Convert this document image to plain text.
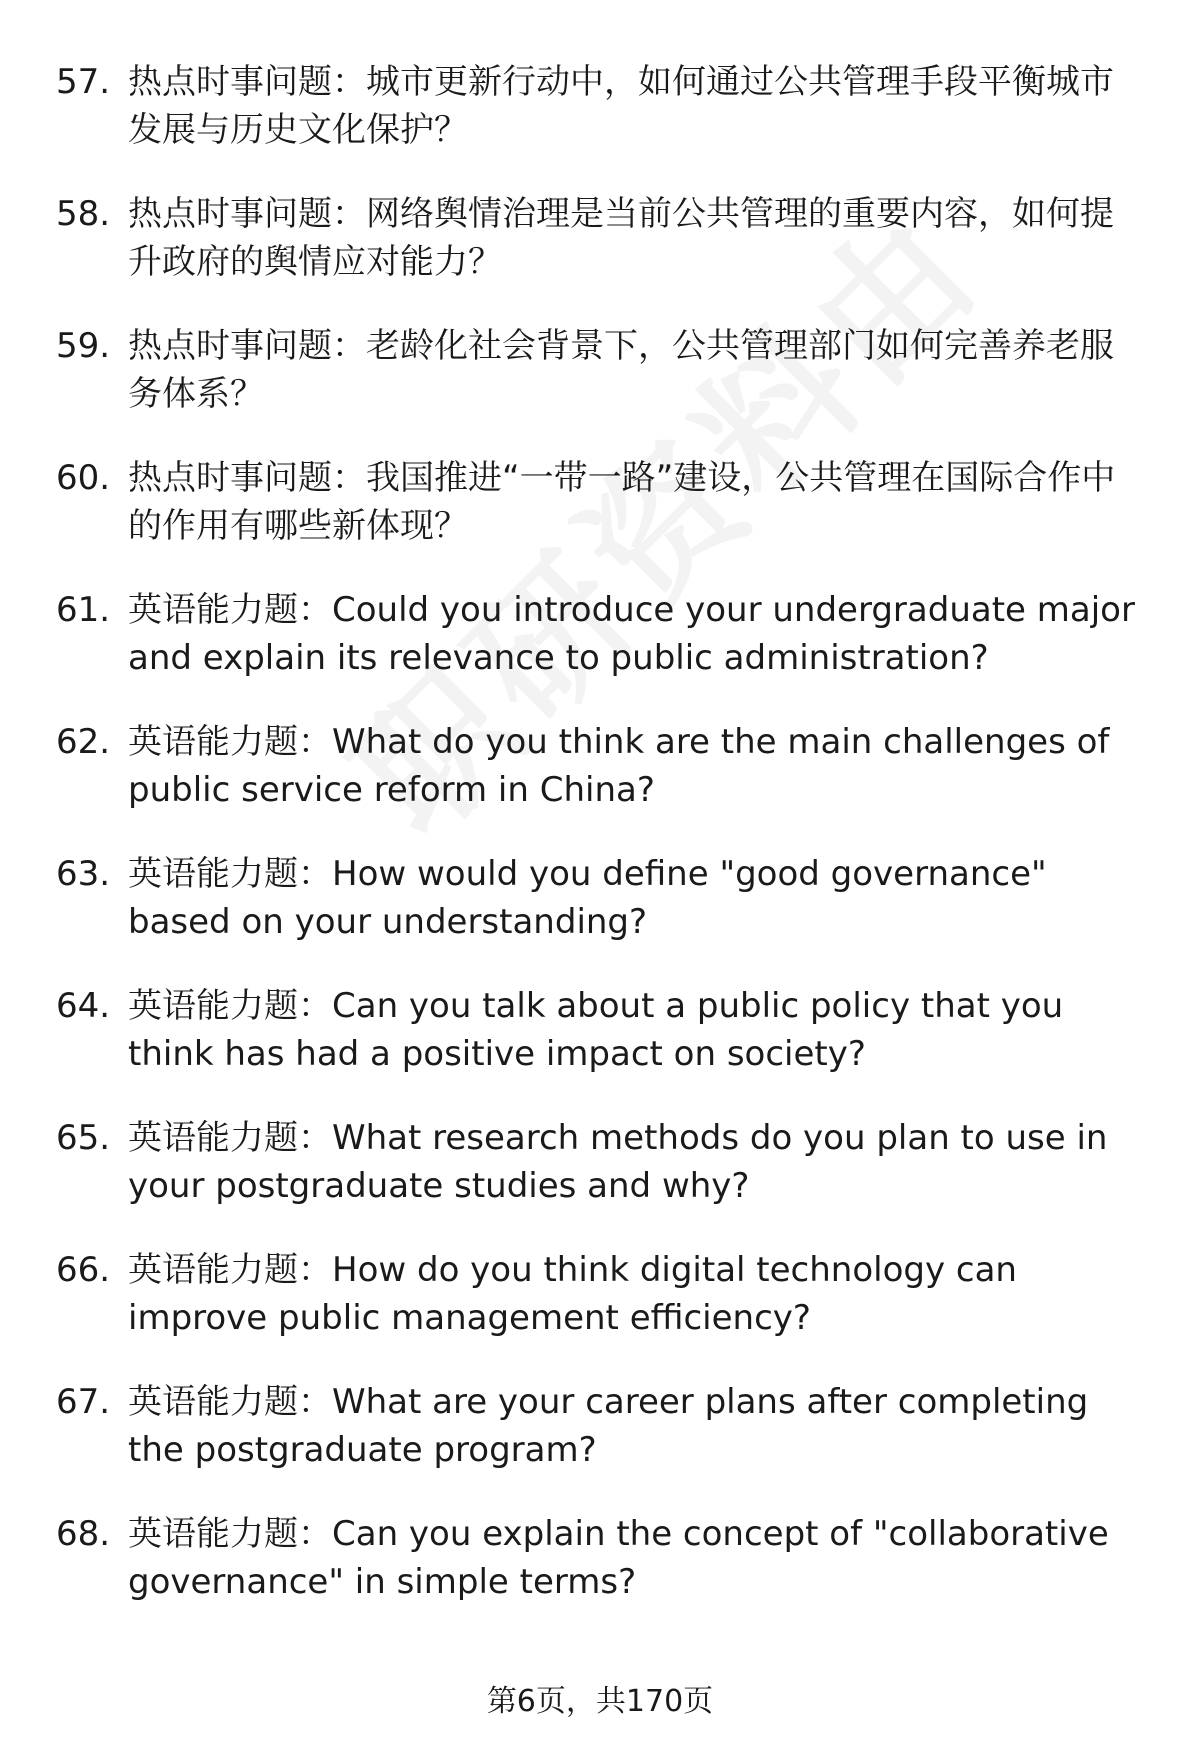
57. 热点时事问题：城市更新行动中，如何通过公共管理手段平衡城市发展与历史文化保护？
58. 热点时事问题：网络舆情治理是当前公共管理的重要内容，如何提升政府的舆情应对能力？
59. 热点时事问题：老龄化社会背景下，公共管理部门如何完善养老服务体系？
60. 热点时事问题：我国推进“一带一路”建设，公共管理在国际合作中的作用有哪些新体现？
61. 英语能力题：Could you introduce your undergraduate major and explain its relevance to public administration?
62. 英语能力题：What do you think are the main challenges of public service reform in China?
63. 英语能力题：How would you define "good governance" based on your understanding?
64. 英语能力题：Can you talk about a public policy that you think has had a positive impact on society?
65. 英语能力题：What research methods do you plan to use in your postgraduate studies and why?
66. 英语能力题：How do you think digital technology can improve public management efficiency?
67. 英语能力题：What are your career plans after completing the postgraduate program?
68. 英语能力题：Can you explain the concept of "collaborative governance" in simple terms?
第6页，共170页
